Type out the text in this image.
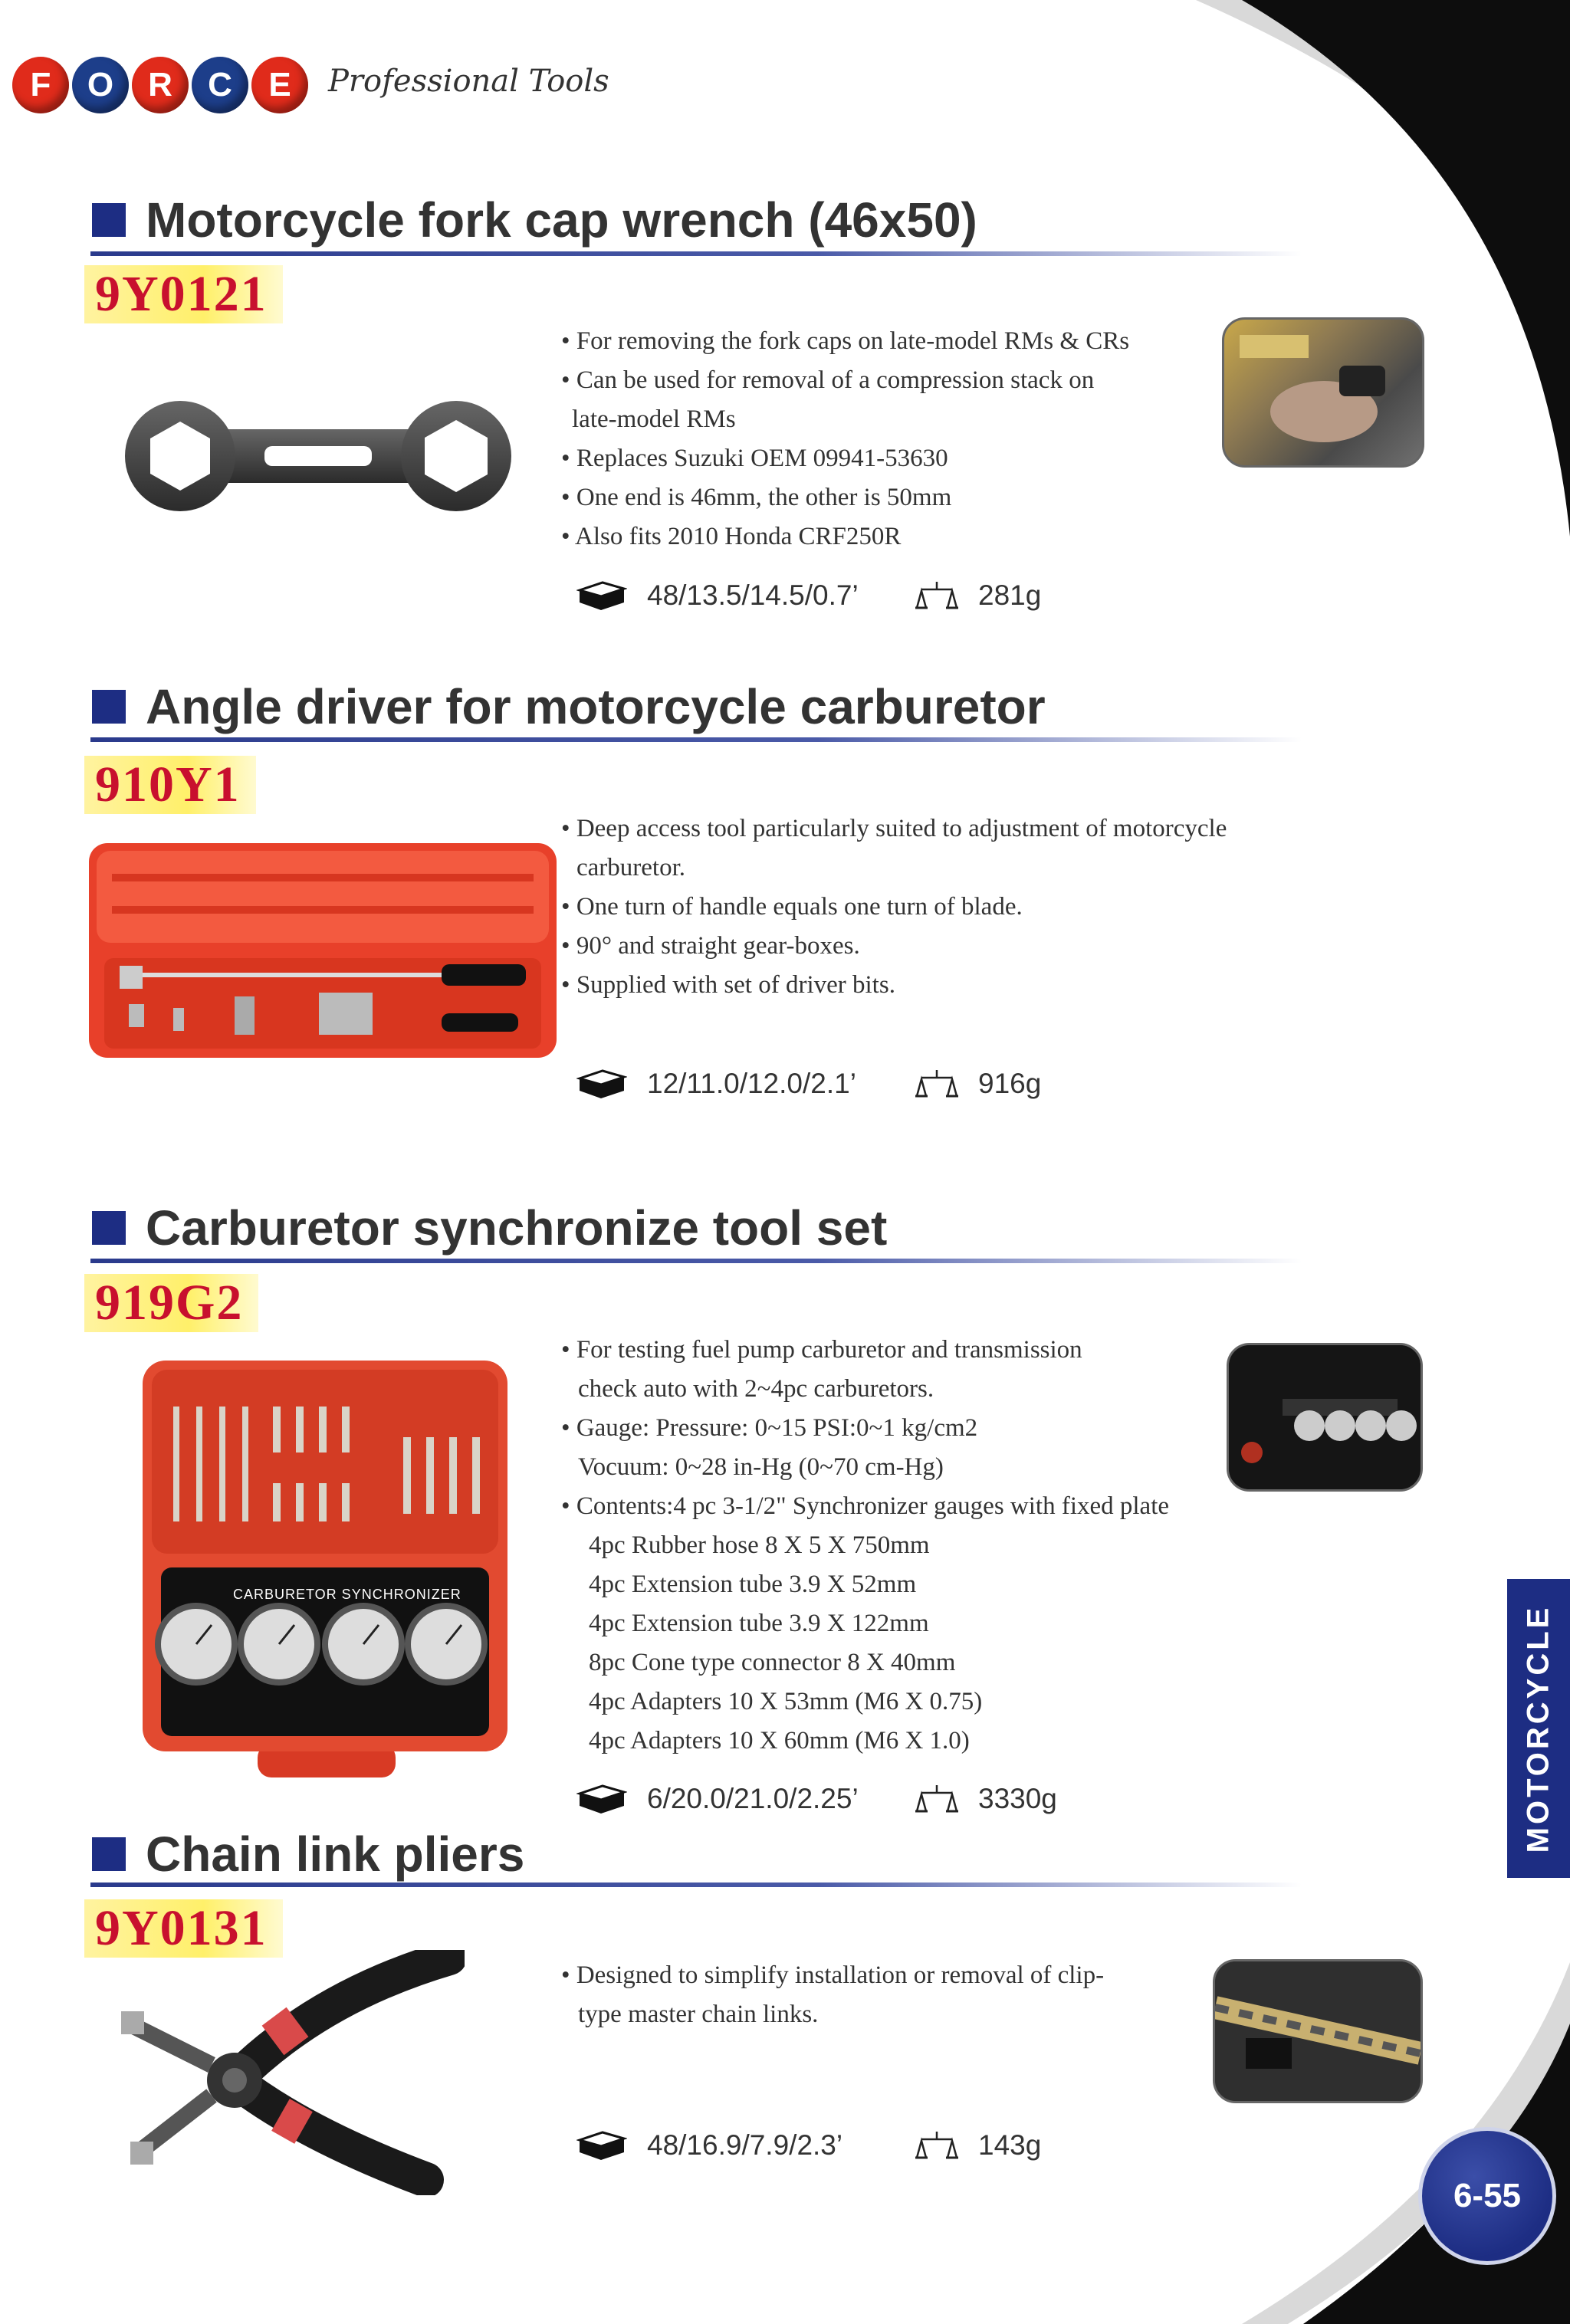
F	O	R	C	E	Professional Tools
Motorcycle fork cap wrench (46x50)
9Y0121
• For removing the fork caps on late-model RMs & CRs
• Can be used for removal of a compression stack on
late-model RMs
• Replaces Suzuki OEM 09941-53630
• One end is 46mm, the other is 50mm
• Also fits 2010 Honda CRF250R
48/13.5/14.5/0.7’	281g
Angle driver for motorcycle carburetor
910Y1
• Deep access tool particularly suited to adjustment of motorcycle
carburetor.
• One turn of handle equals one turn of blade.
• 90° and straight gear-boxes.
• Supplied with set of driver bits.
12/11.0/12.0/2.1’	916g
Carburetor synchronize tool set
919G2
CARBURETOR SYNCHRONIZER
• For testing fuel pump carburetor and transmission
check auto with 2~4pc carburetors.
• Gauge: Pressure: 0~15 PSI:0~1 kg/cm2
Vocuum: 0~28 in-Hg (0~70 cm-Hg)
• Contents:4 pc 3-1/2" Synchronizer gauges with fixed plate
4pc Rubber hose 8 X 5 X 750mm
4pc Extension tube 3.9 X 52mm
4pc Extension tube 3.9 X 122mm
8pc Cone type connector 8 X 40mm
4pc Adapters 10 X 53mm (M6 X 0.75)
4pc Adapters 10 X 60mm (M6 X 1.0)
6/20.0/21.0/2.25’	3330g
Chain link pliers
9Y0131
• Designed to simplify installation or removal of clip-
type master chain links.
48/16.9/7.9/2.3’	143g
MOTORCYCLE
6-55
